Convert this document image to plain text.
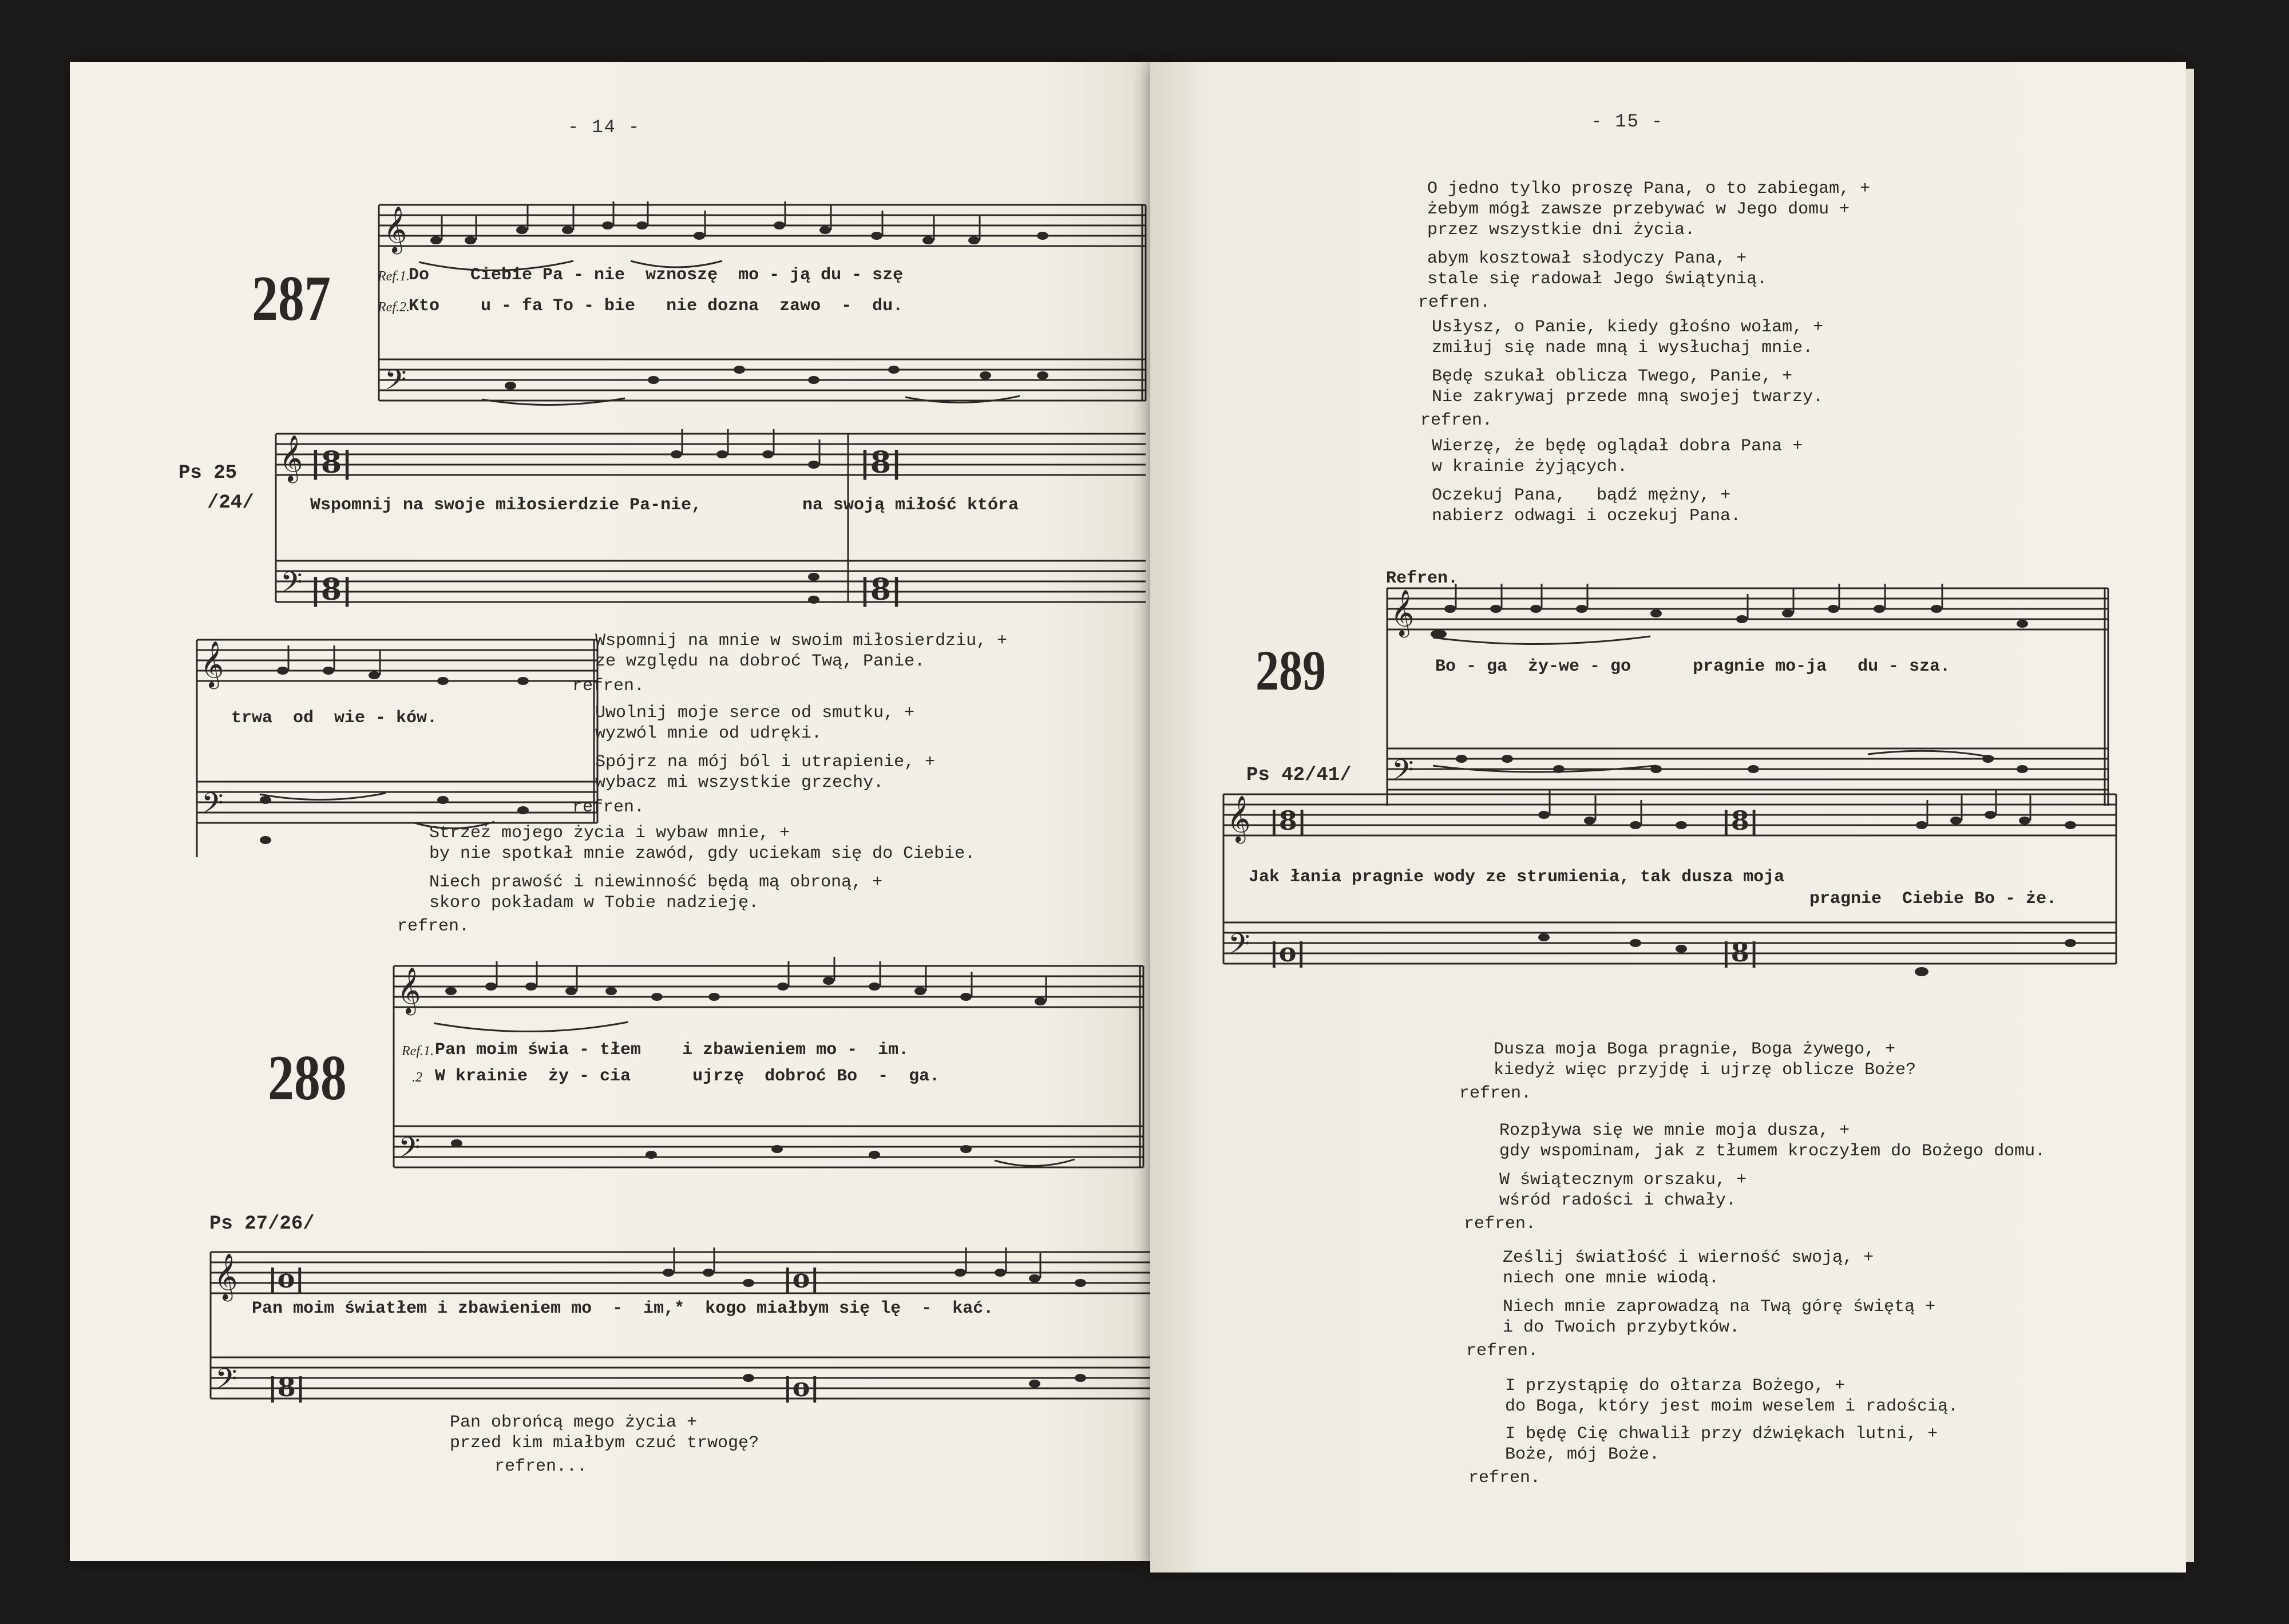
- 14 -
287
𝄞
𝄢
Ref.1.
Do    Ciebie Pa - nie  wznoszę  mo - ją du - szę
Ref.2.
Kto    u - fa To - bie   nie dozna  zawo  -  du.
Ps 25
/24/
𝄞
𝄢
|8|
|8|
|8|
|8|
Wspomnij na swoje miłosierdzie Pa-nie,	na swoją miłość która
𝄞
𝄢
trwa  od  wie - ków.
Wspomnij na mnie w swoim miłosierdziu, +
ze względu na dobroć Twą, Panie.
refren.
Uwolnij moje serce od smutku, +
wyzwól mnie od udręki.
Spójrz na mój ból i utrapienie, +
wybacz mi wszystkie grzechy.
refren.
Strzeż mojego życia i wybaw mnie, +
by nie spotkał mnie zawód, gdy uciekam się do Ciebie.
Niech prawość i niewinność będą mą obroną, +
skoro pokładam w Tobie nadzieję.
refren.
288
𝄞
𝄢
Ref.1. Pan moim świa - tłem    i zbawieniem mo -  im.
.2 W krainie  ży - cia      ujrzę  dobroć Bo  -  ga.
Ps 27/26/
𝄞
𝄢
|o|
|8|
|o|
|o|
Pan moim światłem i zbawieniem mo  -  im,*  kogo miałbym się lę  -  kać.
Pan obrońcą mego życia +
przed kim miałbym czuć trwogę?
refren...
- 15 -
O jedno tylko proszę Pana, o to zabiegam, +
żebym mógł zawsze przebywać w Jego domu +
przez wszystkie dni życia.
abym kosztował słodyczy Pana, +
stale się radował Jego świątynią.
refren.
Usłysz, o Panie, kiedy głośno wołam, +
zmiłuj się nade mną i wysłuchaj mnie.
Będę szukał oblicza Twego, Panie, +
Nie zakrywaj przede mną swojej twarzy.
refren.
Wierzę, że będę oglądał dobra Pana +
w krainie żyjących.
Oczekuj Pana,   bądź mężny, +
nabierz odwagi i oczekuj Pana.
Refren.
289
𝄞
𝄢
Bo - ga  ży-we - go      pragnie mo-ja   du - sza.
Ps 42/41/
𝄞
𝄢
|8|
|o|
|8|
|8|
Jak łania pragnie wody ze strumienia, tak dusza moja
pragnie  Ciebie Bo - że.
Dusza moja Boga pragnie, Boga żywego, +
kiedyż więc przyjdę i ujrzę oblicze Boże?
refren.
Rozpływa się we mnie moja dusza, +
gdy wspominam, jak z tłumem kroczyłem do Bożego domu.
W świątecznym orszaku, +
wśród radości i chwały.
refren.
Ześlij światłość i wierność swoją, +
niech one mnie wiodą.
Niech mnie zaprowadzą na Twą górę świętą +
i do Twoich przybytków.
refren.
I przystąpię do ołtarza Bożego, +
do Boga, który jest moim weselem i radością.
I będę Cię chwalił przy dźwiękach lutni, +
Boże, mój Boże.
refren.
